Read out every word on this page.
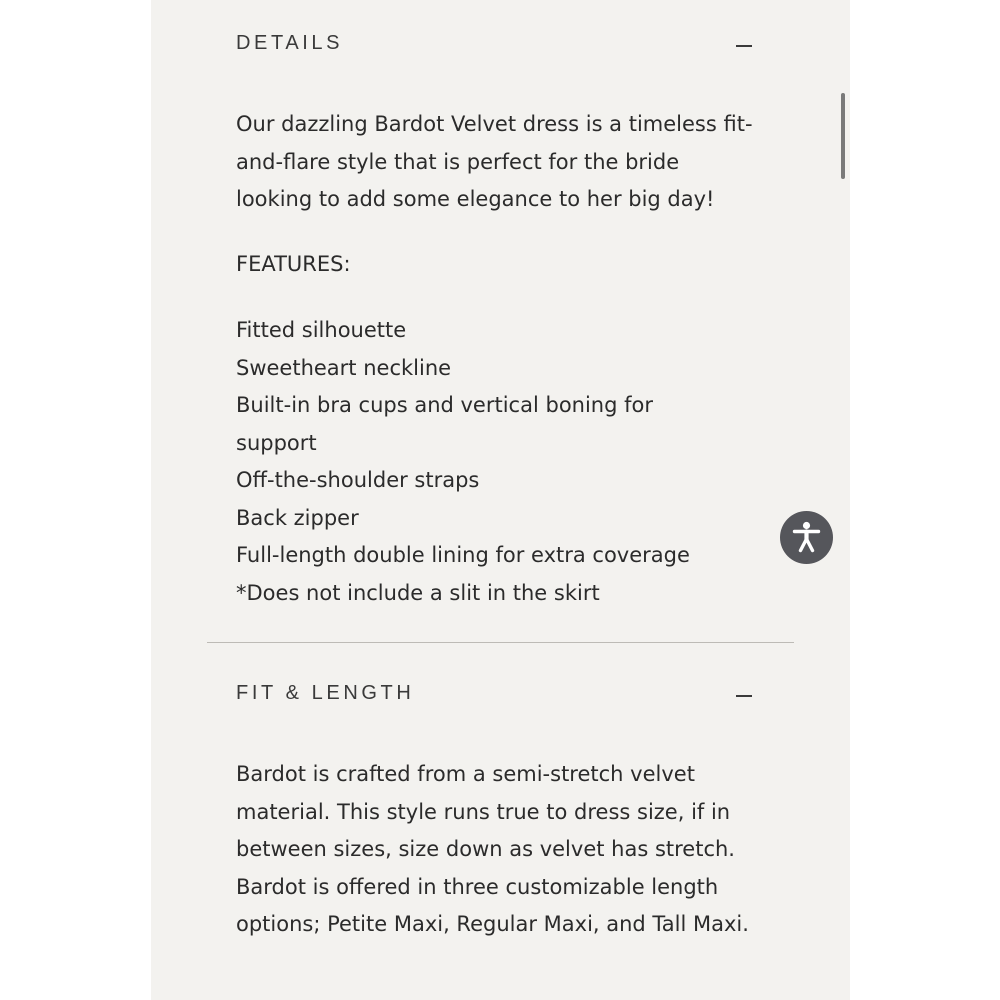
DETAILS

Our dazzling Bardot Velvet dress is a timeless fit-and-flare style that is perfect for the bride looking to add some elegance to her big day!

FEATURES:

Fitted silhouette
Sweetheart neckline
Built-in bra cups and vertical boning for support
Off-the-shoulder straps
Back zipper
Full-length double lining for extra coverage
*Does not include a slit in the skirt
FIT & LENGTH

Bardot is crafted from a semi-stretch velvet material. This style runs true to dress size, if in between sizes, size down as velvet has stretch. Bardot is offered in three customizable length options; Petite Maxi, Regular Maxi, and Tall Maxi.
